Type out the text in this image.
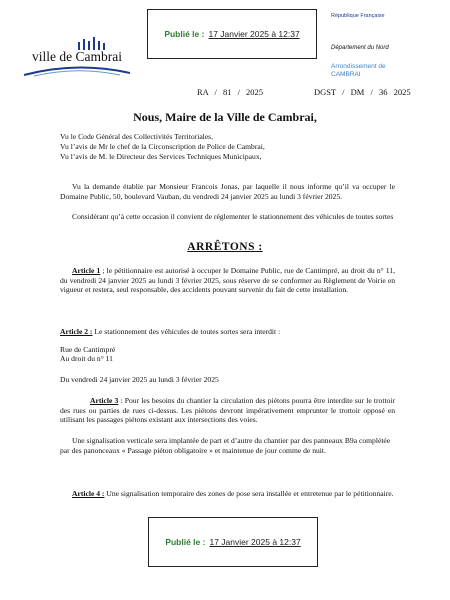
Publié le : 17 Janvier 2025 à 12:37
ville de Cambrai
République Française
Département du Nord
Arrondissement de CAMBRAI
RA / 81 / 2025	DGST / DM / 36 2025
Nous, Maire de la Ville de Cambrai,
Vu le Code Général des Collectivités Territoriales,
Vu l’avis de Mr le chef de la Circonscription de Police de Cambrai,
Vu l’avis de M. le Directeur des Services Techniques Municipaux,
Vu la demande établie par Monsieur Francois Jonas, par laquelle il nous informe qu’il va occuper le Domaine Public, 50, boulevard Vauban, du vendredi 24 janvier 2025 au lundi 3 février 2025.
Considérant qu’à cette occasion il convient de réglementer le stationnement des véhicules de toutes sortes
ARRÊTONS :
Article 1 ; le pétitionnaire est autorisé à occuper le Domaine Public, rue de Cantimpré, au droit du n° 11, du vendredi 24 janvier 2025 au lundi 3 février 2025, sous réserve de se conformer au Règlement de Voirie en vigueur et restera, seul responsable, des accidents pouvant survenir du fait de cette installation.
Article 2 : Le stationnement des véhicules de toutes sortes sera interdit :
Rue de Cantimpré
Au droit du n° 11
Du vendredi 24 janvier 2025 au lundi 3 février 2025
Article 3 : Pour les besoins du chantier la circulation des piétons pourra être interdite sur le trottoir des rues ou parties de rues ci-dessus. Les piétons devront impérativement emprunter le trottoir opposé en utilisant les passages piétons existant aux intersections des voies.
Une signalisation verticale sera implantée de part et d’autre du chantier par des panneaux B9a complétée par des panonceaux « Passage piéton obligatoire » et maintenue de jour comme de nuit.
Article 4 : Une signalisation temporaire des zones de pose sera installée et entretenue par le pétitionnaire.
Publié le : 17 Janvier 2025 à 12:37
